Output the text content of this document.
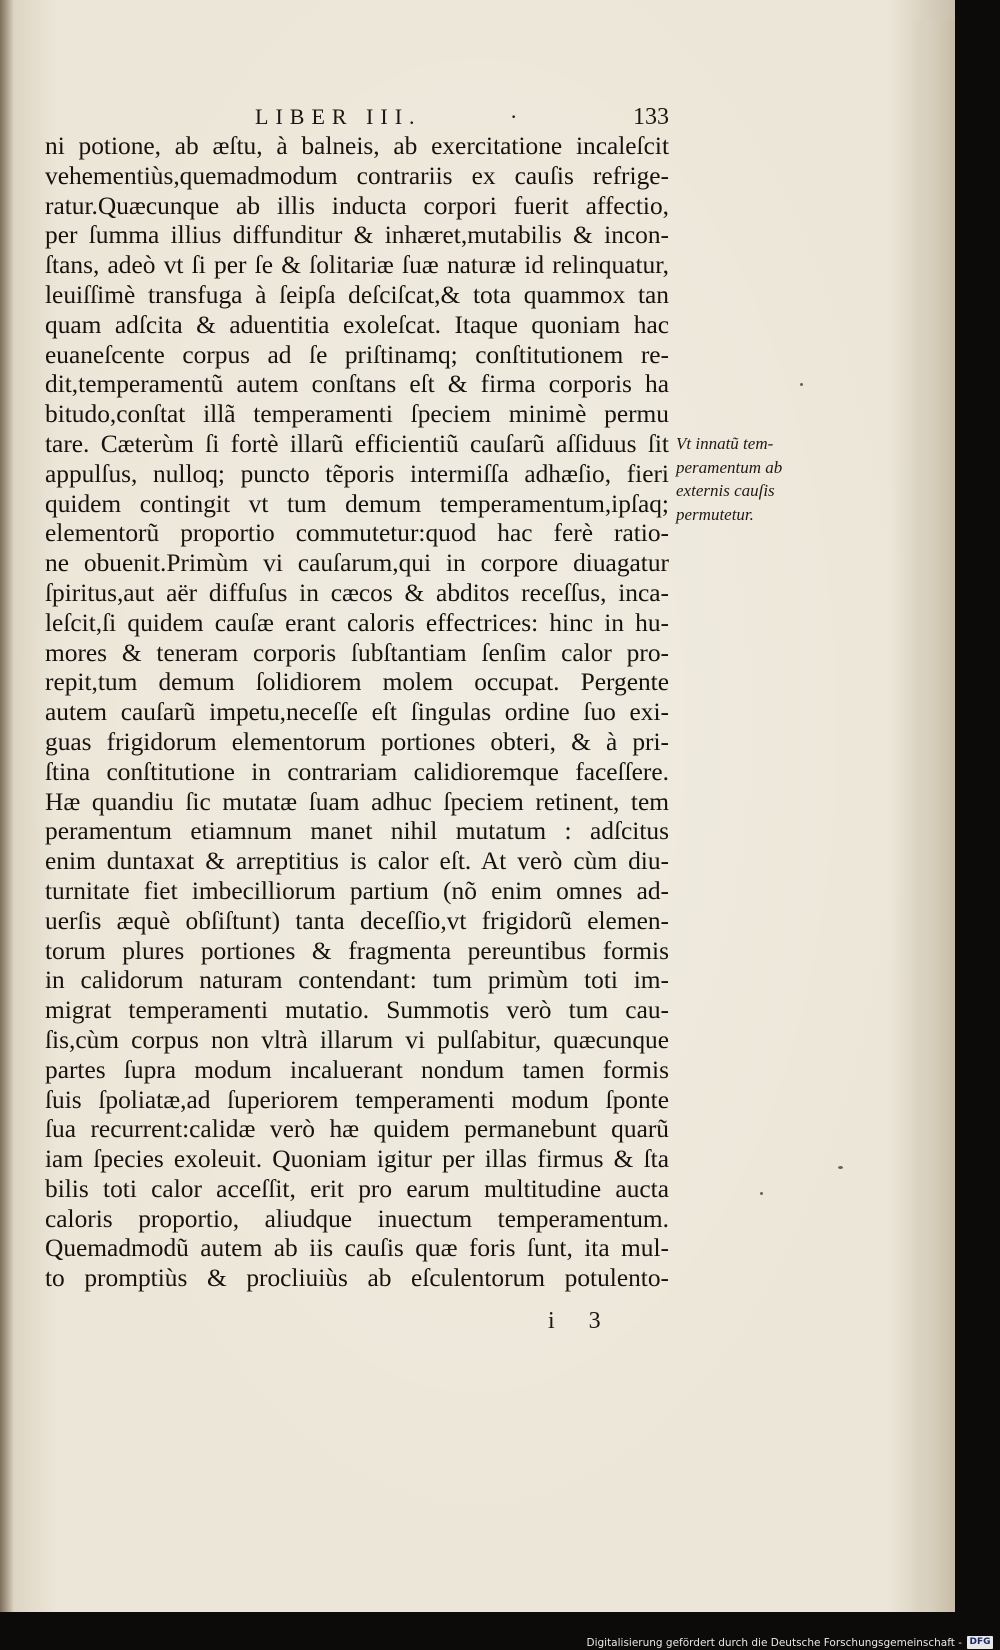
LIBER III.	·	133
ni potione, ab æſtu, à balneis, ab exercitatione incaleſcit
vehementiùs,quemadmodum contrariis ex cauſis refrige-
ratur.Quæcunque ab illis inducta corpori fuerit affectio,
per ſumma illius diffunditur & inhæret,mutabilis & incon-
ſtans, adeò vt ſi per ſe & ſolitariæ ſuæ naturæ id relinquatur,
leuiſſimè transfuga à ſeipſa deſciſcat,& tota quammox tan
quam adſcita & aduentitia exoleſcat. Itaque quoniam hac
euaneſcente corpus ad ſe priſtinamq; conſtitutionem re-
dit,temperamentũ autem conſtans eſt & firma corporis ha
bitudo,conſtat illã temperamenti ſpeciem minimè permu
tare. Cæterùm ſi fortè illarũ efficientiũ cauſarũ aſſiduus ſit
appulſus, nulloq; puncto tẽporis intermiſſa adhæſio, fieri
quidem contingit vt tum demum temperamentum,ipſaq;
elementorũ proportio commutetur:quod hac ferè ratio-
ne obuenit.Primùm vi cauſarum,qui in corpore diuagatur
ſpiritus,aut aër diffuſus in cæcos & abditos receſſus, inca-
leſcit,ſi quidem cauſæ erant caloris effectrices: hinc in hu-
mores & teneram corporis ſubſtantiam ſenſim calor pro-
repit,tum demum ſolidiorem molem occupat. Pergente
autem cauſarũ impetu,neceſſe eſt ſingulas ordine ſuo exi-
guas frigidorum elementorum portiones obteri, & à pri-
ſtina conſtitutione in contrariam calidioremque faceſſere.
Hæ quandiu ſic mutatæ ſuam adhuc ſpeciem retinent, tem
peramentum etiamnum manet nihil mutatum : adſcitus
enim duntaxat & arreptitius is calor eſt. At verò cùm diu-
turnitate fiet imbecilliorum partium (nõ enim omnes ad-
uerſis æquè obſiſtunt) tanta deceſſio,vt frigidorũ elemen-
torum plures portiones & fragmenta pereuntibus formis
in calidorum naturam contendant: tum primùm toti im-
migrat temperamenti mutatio. Summotis verò tum cau-
ſis,cùm corpus non vltrà illarum vi pulſabitur, quæcunque
partes ſupra modum incaluerant nondum tamen formis
ſuis ſpoliatæ,ad ſuperiorem temperamenti modum ſponte
ſua recurrent:calidæ verò hæ quidem permanebunt quarũ
iam ſpecies exoleuit. Quoniam igitur per illas firmus & ſta
bilis toti calor acceſſit, erit pro earum multitudine aucta
caloris proportio, aliudque inuectum temperamentum.
Quemadmodũ autem ab iis cauſis quæ foris ſunt, ita mul-
to promptiùs & procliuiùs ab eſculentorum potulento-
Vt innatũ tem-
peramentum ab
externis cauſis
permutetur.
i 3
Digitalisierung gefördert durch die Deutsche Forschungsgemeinschaft - DFG
